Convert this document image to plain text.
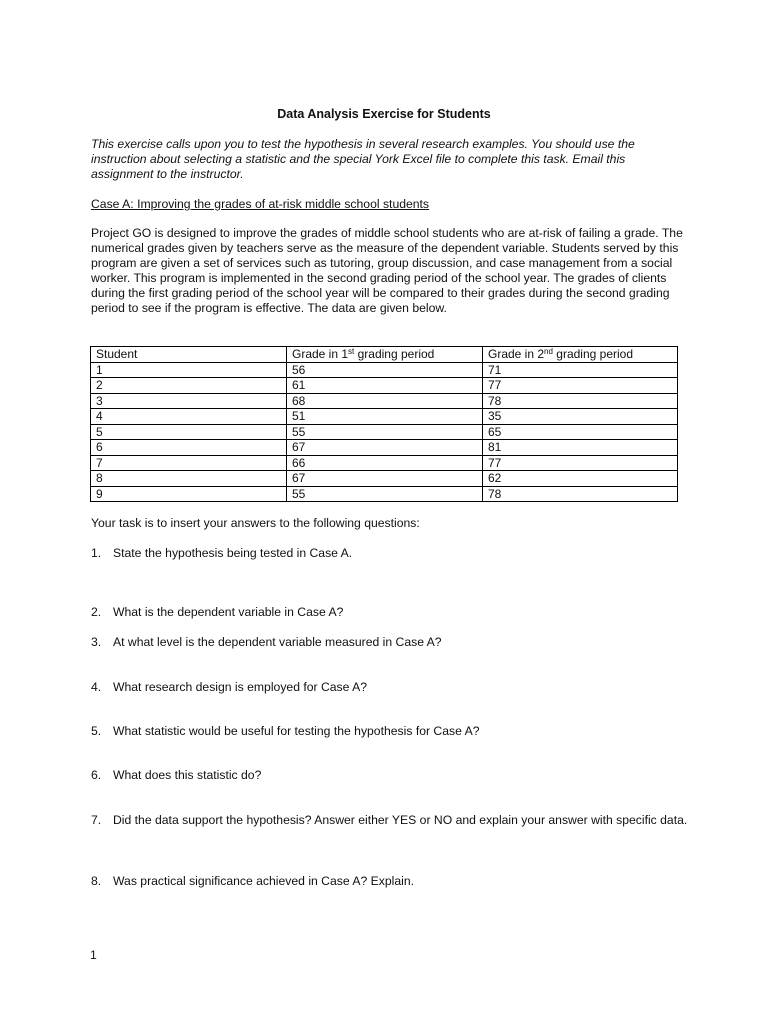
Data Analysis Exercise for Students
This exercise calls upon you to test the hypothesis in several research examples. You should use the instruction about selecting a statistic and the special York Excel file to complete this task. Email this assignment to the instructor.
Case A: Improving the grades of at-risk middle school students
Project GO is designed to improve the grades of middle school students who are at-risk of failing a grade. The numerical grades given by teachers serve as the measure of the dependent variable. Students served by this program are given a set of services such as tutoring, group discussion, and case management from a social worker. This program is implemented in the second grading period of the school year. The grades of clients during the first grading period of the school year will be compared to their grades during the second grading period to see if the program is effective. The data are given below.
Student	Grade in 1st grading period	Grade in 2nd grading period
1	56	71
2	61	77
3	68	78
4	51	35
5	55	65
6	67	81
7	66	77
8	67	62
9	55	78
Your task is to insert your answers to the following questions:
1. State the hypothesis being tested in Case A.
2. What is the dependent variable in Case A?
3. At what level is the dependent variable measured in Case A?
4. What research design is employed for Case A?
5. What statistic would be useful for testing the hypothesis for Case A?
6. What does this statistic do?
7. Did the data support the hypothesis? Answer either YES or NO and explain your answer with specific data.
8. Was practical significance achieved in Case A? Explain.
1
